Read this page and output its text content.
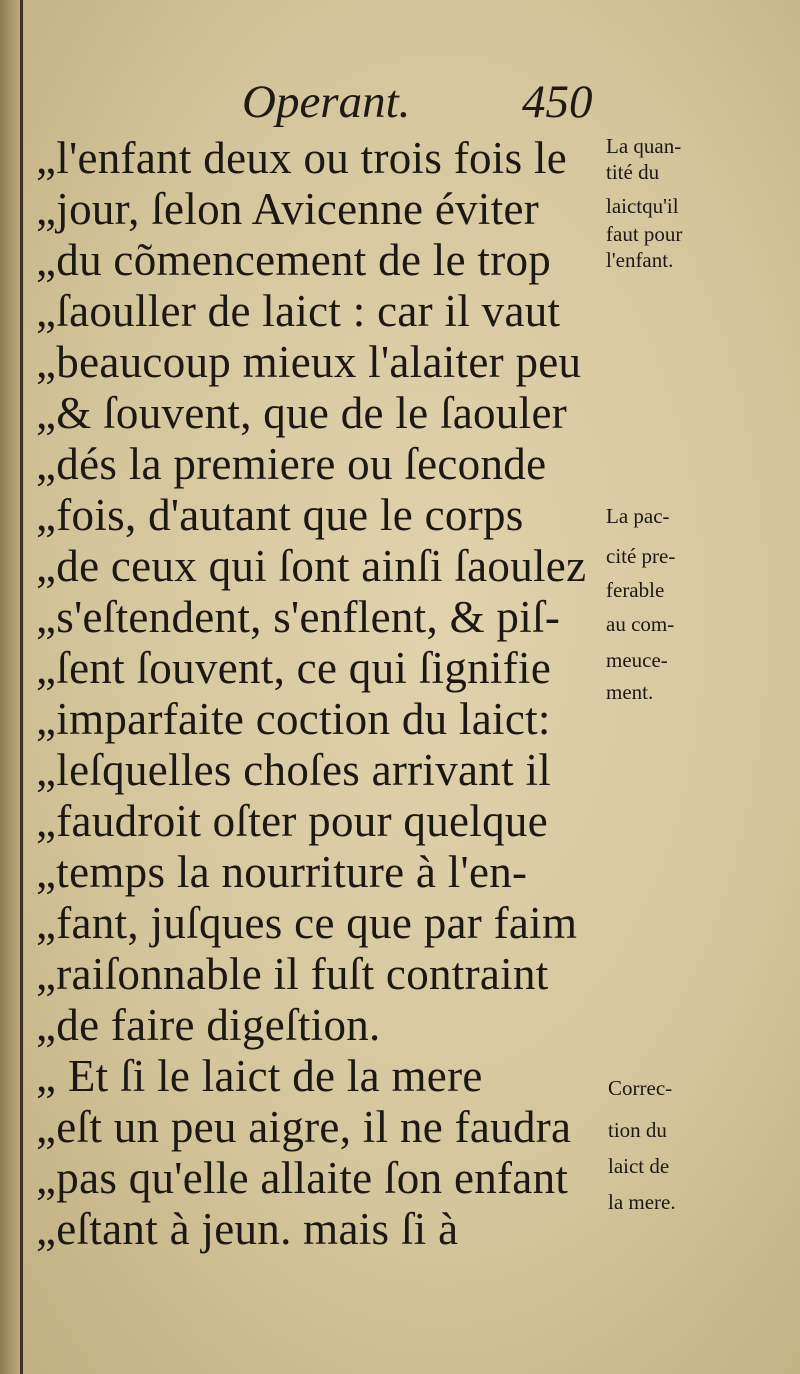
Operant. 450
„l'enfant deux ou trois fois le
„jour, ſelon Avicenne éviter
„du cõmencement de le trop
„ſaouller de laict : car il vaut
„beaucoup mieux l'alaiter peu
„& ſouvent, que de le ſaouler
„dés la premiere ou ſeconde
„fois, d'autant que le corps
„de ceux qui ſont ainſi ſaoulez
„s'eſtendent, s'enflent, & piſ-
„ſent ſouvent, ce qui ſignifie
„imparfaite coction du laict:
„leſquelles choſes arrivant il
„faudroit oſter pour quelque
„temps la nourriture à l'en-
„fant, juſques ce que par faim
„raiſonnable il fuſt contraint
„de faire digeſtion.
„ Et ſi le laict de la mere
„eſt un peu aigre, il ne faudra
„pas qu'elle allaite ſon enfant
„eſtant à jeun. mais ſi à
La quan-
tité du
laictqu'il
faut pour
l'enfant.
La pac-
cité pre-
ferable
au com-
meuce-
ment.
Correc-
tion du
laict de
la mere.
